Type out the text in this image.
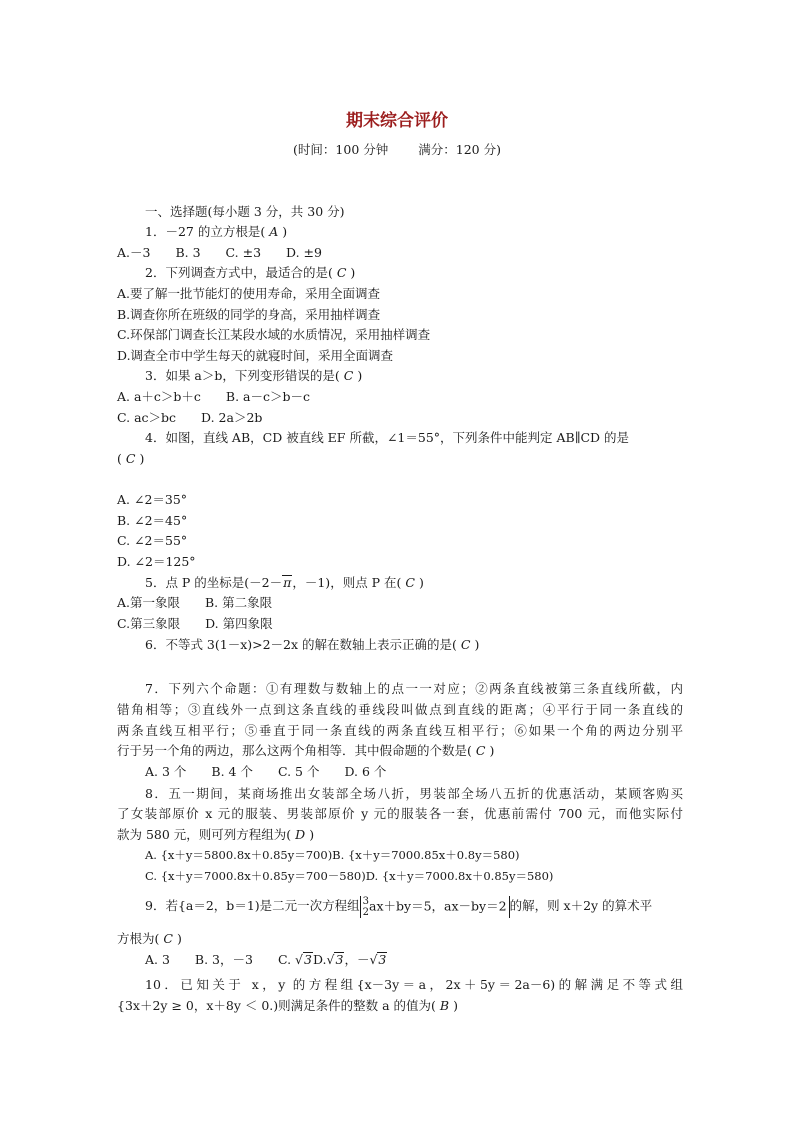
期末综合评价
(时间：100 分钟 满分：120 分)
一、选择题(每小题 3 分，共 30 分)
1．－27 的立方根是( A )
A.－3　　B. 3　　C. ±3　　D. ±9
2．下列调查方式中，最适合的是( C )
A.要了解一批节能灯的使用寿命，采用全面调查
B.调查你所在班级的同学的身高，采用抽样调查
C.环保部门调查长江某段水域的水质情况，采用抽样调查
D.调查全市中学生每天的就寝时间，采用全面调查
3．如果 a＞b，下列变形错误的是( C )
A. a＋c＞b＋c　　B. a－c＞b－c
C. ac＞bc　　D. 2a＞2b
4．如图，直线 AB，CD 被直线 EF 所截，∠1＝55°，下列条件中能判定 AB∥CD 的是
( C )
A. ∠2＝35°
B. ∠2＝45°
C. ∠2＝55°
D. ∠2＝125°
5．点 P 的坐标是(－2－π，－1)，则点 P 在( C )
A.第一象限　　B. 第二象限
C.第三象限　　D. 第四象限
6．不等式 3(1－x)>2－2x 的解在数轴上表示正确的是( C )
7．下列六个命题：①有理数与数轴上的点一一对应；②两条直线被第三条直线所截，内
错角相等；③直线外一点到这条直线的垂线段叫做点到直线的距离；④平行于同一条直线的
两条直线互相平行；⑤垂直于同一条直线的两条直线互相平行；⑥如果一个角的两边分别平
行于另一个角的两边，那么这两个角相等．其中假命题的个数是( C )
A. 3 个　　B. 4 个　　C. 5 个　　D. 6 个
8．五一期间，某商场推出女装部全场八折，男装部全场八五折的优惠活动，某顾客购买
了女装部原价 x 元的服装、男装部原价 y 元的服装各一套，优惠前需付 700 元，而他实际付
款为 580 元，则可列方程组为( D )
A. {x＋y＝5800.8x＋0.85y＝700)B. {x＋y＝7000.85x＋0.8y＝580)
C. {x＋y＝7000.8x＋0.85y＝700－580)D. {x＋y＝7000.8x＋0.85y＝580)
9．若{a＝2，b＝1)是二元一次方程组 3
2ax＋by＝5，ax－by＝2 的解，则 x＋2y 的算术平
方根为( C )
A. 3　　B. 3，－3　　C. √3D.√3，－√3
10．已知关于 x，y 的方程组{x－3y＝a，2x＋5y＝2a－6)的解满足不等式组
{3x＋2y ≥ 0，x＋8y ＜ 0.)则满足条件的整数 a 的值为( B )
